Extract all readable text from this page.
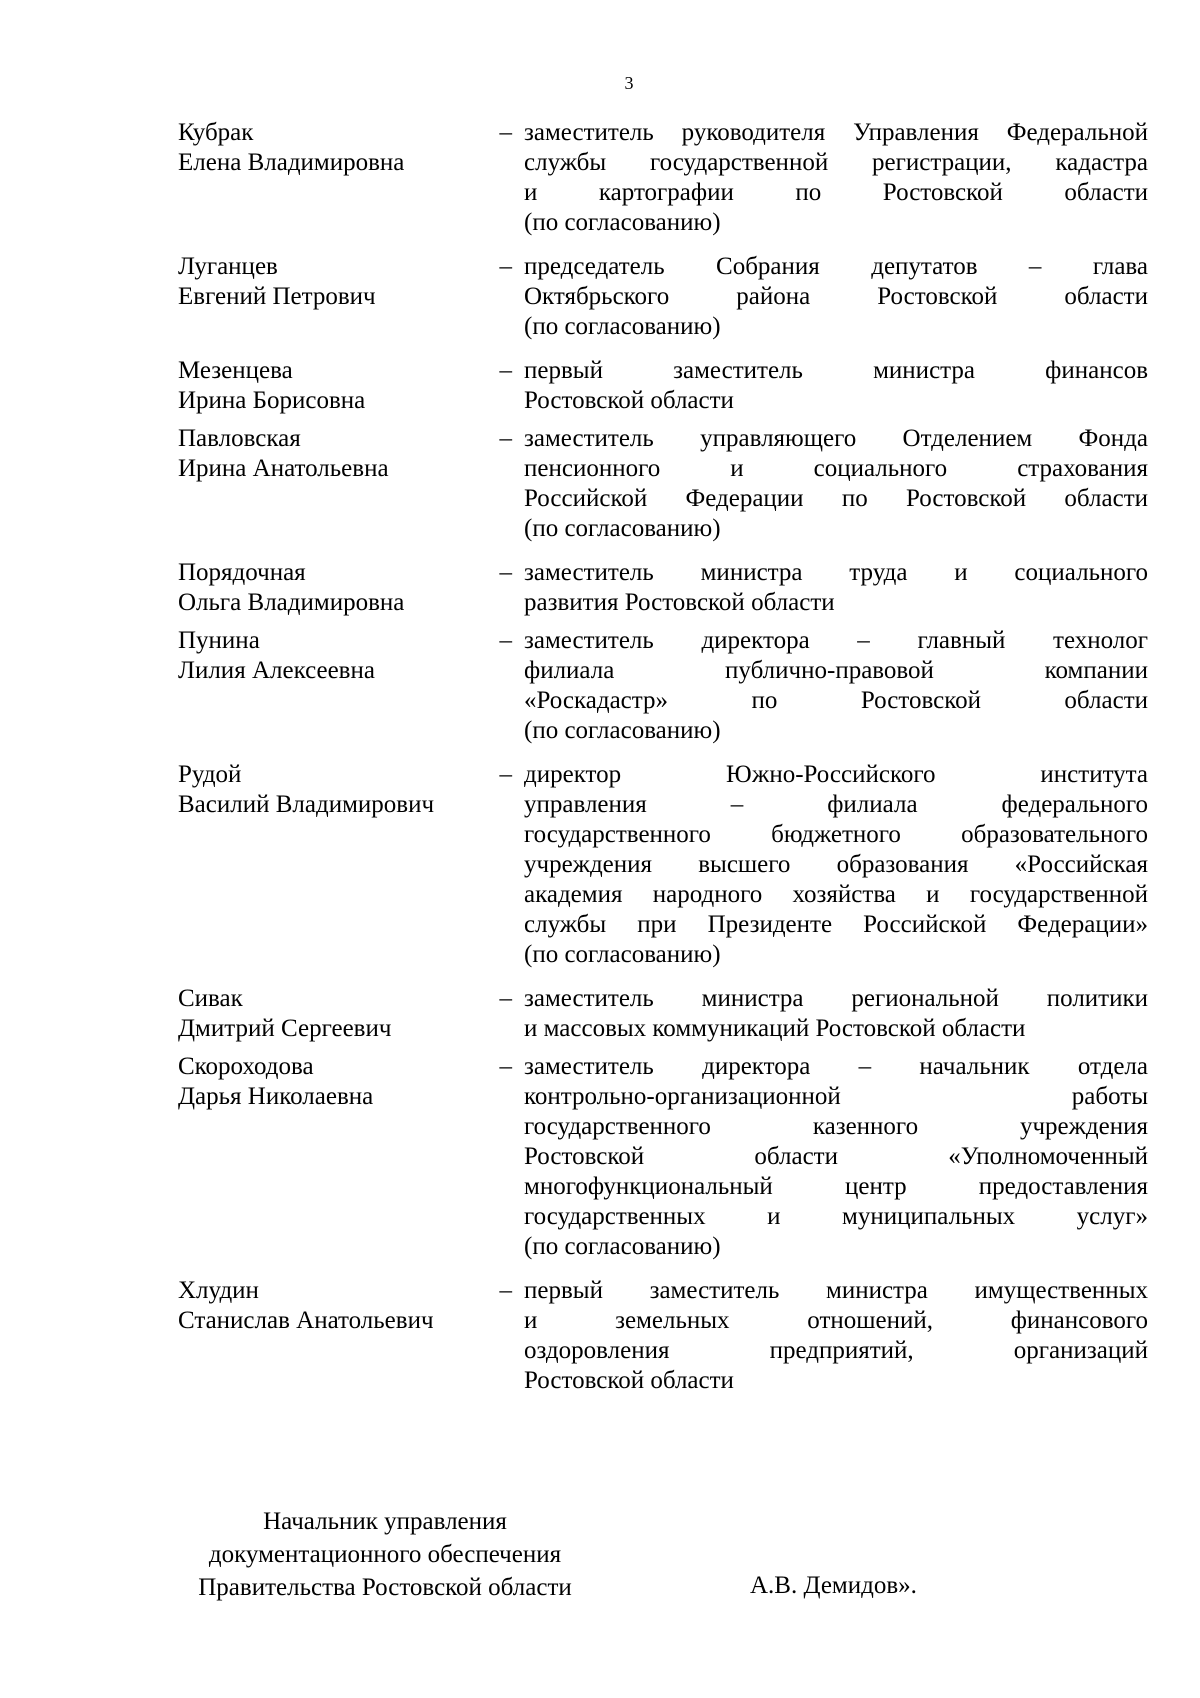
3
Кубрак
Елена Владимировна
– заместитель руководителя Управления Федеральной
службы государственной регистрации, кадастра
и картографии по Ростовской области
(по согласованию)
Луганцев
Евгений Петрович
– председатель Собрания депутатов – глава
Октябрьского района Ростовской области
(по согласованию)
Мезенцева
Ирина Борисовна
– первый заместитель министра финансов
Ростовской области
Павловская
Ирина Анатольевна
– заместитель управляющего Отделением Фонда
пенсионного и социального страхования
Российской Федерации по Ростовской области
(по согласованию)
Порядочная
Ольга Владимировна
– заместитель министра труда и социального
развития Ростовской области
Пунина
Лилия Алексеевна
– заместитель директора – главный технолог
филиала публично-правовой компании
«Роскадастр» по Ростовской области
(по согласованию)
Рудой
Василий Владимирович
– директор Южно-Российского института
управления – филиала федерального
государственного бюджетного образовательного
учреждения высшего образования «Российская
академия народного хозяйства и государственной
службы при Президенте Российской Федерации»
(по согласованию)
Сивак
Дмитрий Сергеевич
– заместитель министра региональной политики
и массовых коммуникаций Ростовской области
Скороходова
Дарья Николаевна
– заместитель директора – начальник отдела
контрольно-организационной работы
государственного казенного учреждения
Ростовской области «Уполномоченный
многофункциональный центр предоставления
государственных и муниципальных услуг»
(по согласованию)
Хлудин
Станислав Анатольевич
– первый заместитель министра имущественных
и земельных отношений, финансового
оздоровления предприятий, организаций
Ростовской области
Начальник управления
документационного обеспечения
Правительства Ростовской области	А.В. Демидов».
